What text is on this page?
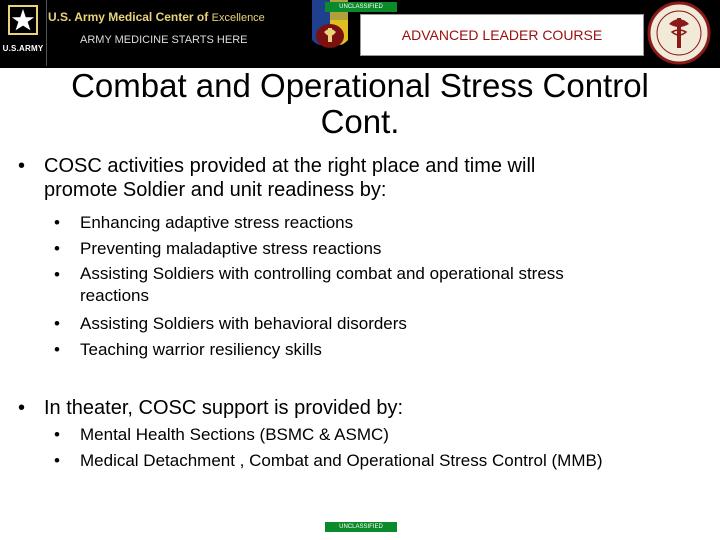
U.S.ARMY
U.S. Army Medical Center of Excellence
ARMY MEDICINE STARTS HERE
UNCLASSIFIED
ADVANCED LEADER COURSE
Combat and Operational Stress Control
Cont.
• COSC activities provided at the right place and time will
promote Soldier and unit readiness by:
• Enhancing adaptive stress reactions
• Preventing maladaptive stress reactions
• Assisting Soldiers with controlling combat and operational stress
reactions
• Assisting Soldiers with behavioral disorders
• Teaching warrior resiliency skills
• In theater, COSC support is provided by:
• Mental Health Sections (BSMC & ASMC)
• Medical Detachment , Combat and Operational Stress Control (MMB)
UNCLASSIFIED
